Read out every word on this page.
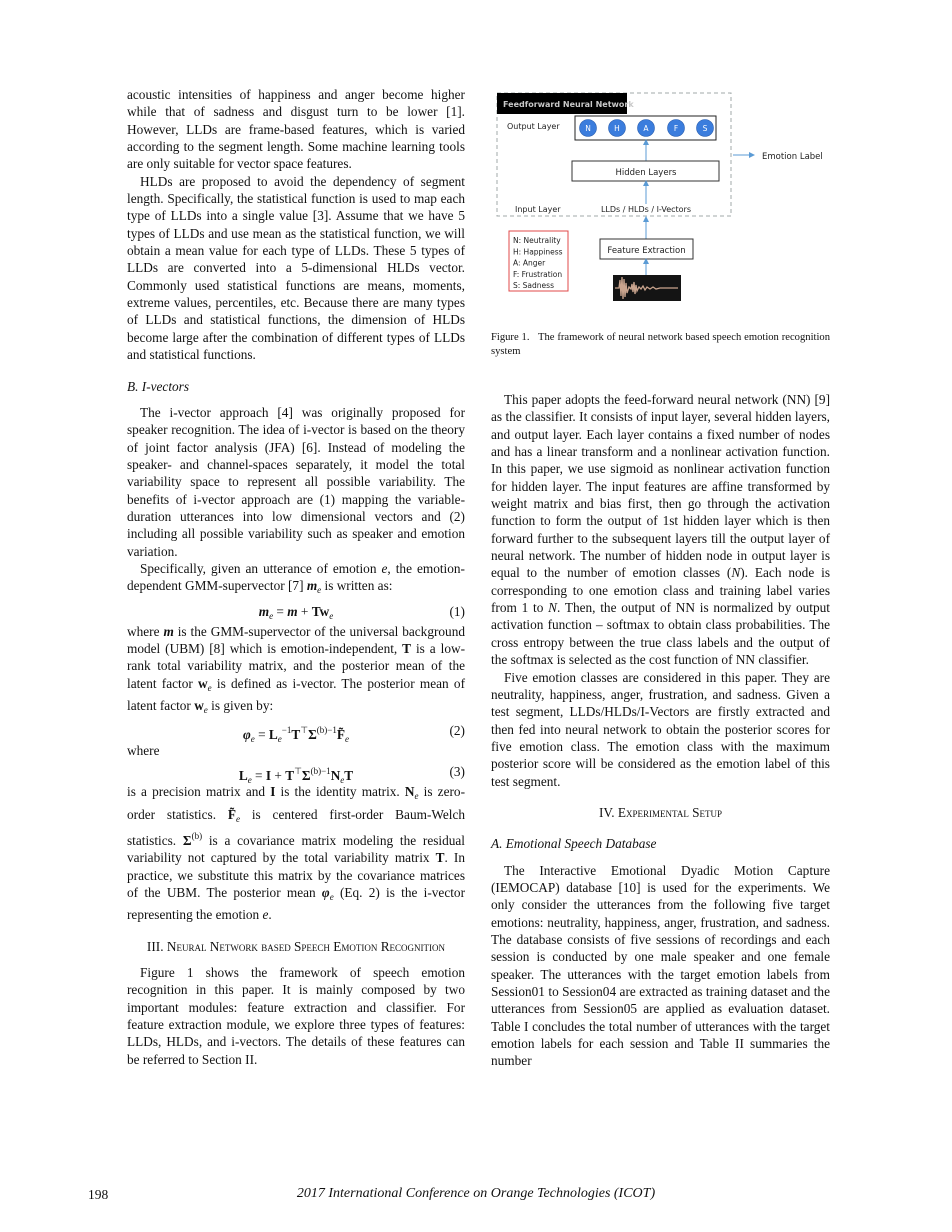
acoustic intensities of happiness and anger become higher while that of sadness and disgust turn to be lower [1]. However, LLDs are frame-based features, which is varied according to the segment length. Some machine learning tools are only suitable for vector space features.

HLDs are proposed to avoid the dependency of segment length. Specifically, the statistical function is used to map each type of LLDs into a single value [3]. Assume that we have 5 types of LLDs and use mean as the statistical function, we will obtain a mean value for each type of LLDs. These 5 types of LLDs are converted into a 5-dimensional HLDs vector. Commonly used statistical functions are means, moments, extreme values, percentiles, etc. Because there are many types of LLDs and statistical functions, the dimension of HLDs become large after the combination of different types of LLDs and statistical functions.

B. I-vectors

The i-vector approach [4] was originally proposed for speaker recognition. The idea of i-vector is based on the theory of joint factor analysis (JFA) [6]. Instead of modeling the speaker- and channel-spaces separately, it model the total variability space to represent all possible variability. The benefits of i-vector approach are (1) mapping the variable-duration utterances into low dimensional vectors and (2) including all possible variability such as speaker and emotion variation.

Specifically, given an utterance of emotion e, the emotion-dependent GMM-supervector [7] $m_e$ is written as:

(1)
$m_e = m + Tw_e$

where m is the GMM-supervector of the universal background model (UBM) [8] which is emotion-independent, T is a low-rank total variability matrix, and the posterior mean of the latent factor $w_e$ is defined as i-vector. The posterior mean of latent factor $w_e$ is given by:

(2)
$\varphi_e$ = $L_e^{-1}T^⊤\Sigma^{(b)-1}F̃_e$

where

(3)
$L_e = I + T^⊤\Sigma^{(b)-1}N_eT$

is a precision matrix and I is the identity matrix. $N_e$ is zero-order statistics. $F̃_e$ is centered first-order Baum-Welch statistics. $\Sigma^{(b)}$ is a covariance matrix modeling the residual variability not captured by the total variability matrix T. In practice, we substitute this matrix by the covariance matrices of the UBM. The posterior mean $\varphi_e$ (Eq. 2) is the i-vector representing the emotion e.

III. Neural Network based Speech Emotion Recognition

Figure 1 shows the framework of speech emotion recognition in this paper. It is mainly composed by two important modules: feature extraction and classifier. For feature extraction module, we explore three types of features: LLDs, HLDs, and i-vectors. The details of these features can be referred to Section II.

This paper adopts the feed-forward neural network (NN) [9] as the classifier. It consists of input layer, several hidden layers, and output layer. Each layer contains a fixed number of nodes and has a linear transform and a nonlinear activation function. In this paper, we use sigmoid as nonlinear activation function for hidden layer. The input features are affine transformed by weight matrix and bias first, then go through the activation function to form the output of 1st hidden layer which is then forward further to the subsequent layers till the output layer of neural network. The number of hidden node in output layer is equal to the number of emotion classes (N). Each node is corresponding to one emotion class and training label varies from 1 to N. Then, the output of NN is normalized by output activation function – softmax to obtain class probabilities. The cross entropy between the true class labels and the output of the softmax is selected as the cost function of NN classifier.

Five emotion classes are considered in this paper. They are neutrality, happiness, anger, frustration, and sadness. Given a test segment, LLDs/HLDs/I-Vectors are firstly extracted and then fed into neural network to obtain the posterior scores for five emotion class. The emotion class with the maximum posterior score will be considered as the emotion label of this test segment.

IV. Experimental Setup
A. Emotional Speech Database

The Interactive Emotional Dyadic Motion Capture (IEMOCAP) database [10] is used for the experiments. We only consider the utterances from the following five target emotions: neutrality, happiness, anger, frustration, and sadness. The database consists of five sessions of recordings and each session is conducted by one male speaker and one female speaker. The utterances with the target emotion labels from Session01 to Session04 are extracted as training dataset and the utterances from Session05 are applied as evaluation dataset. Table I concludes the total number of utterances with the target emotion labels for each session and Table II summaries the number

Feedforward Neural Network
Output Layer	N	H	A	F	S
Hidden Layers
Input Layer	LLDs / HLDs / I-Vectors
Emotion Label
N: Neutrality
H: Happiness
A: Anger
F: Frustration
S: Sadness
Feature Extraction
Figure 1.   The framework of neural network based speech emotion recognition system
198	2017 International Conference on Orange Technologies (ICOT)
